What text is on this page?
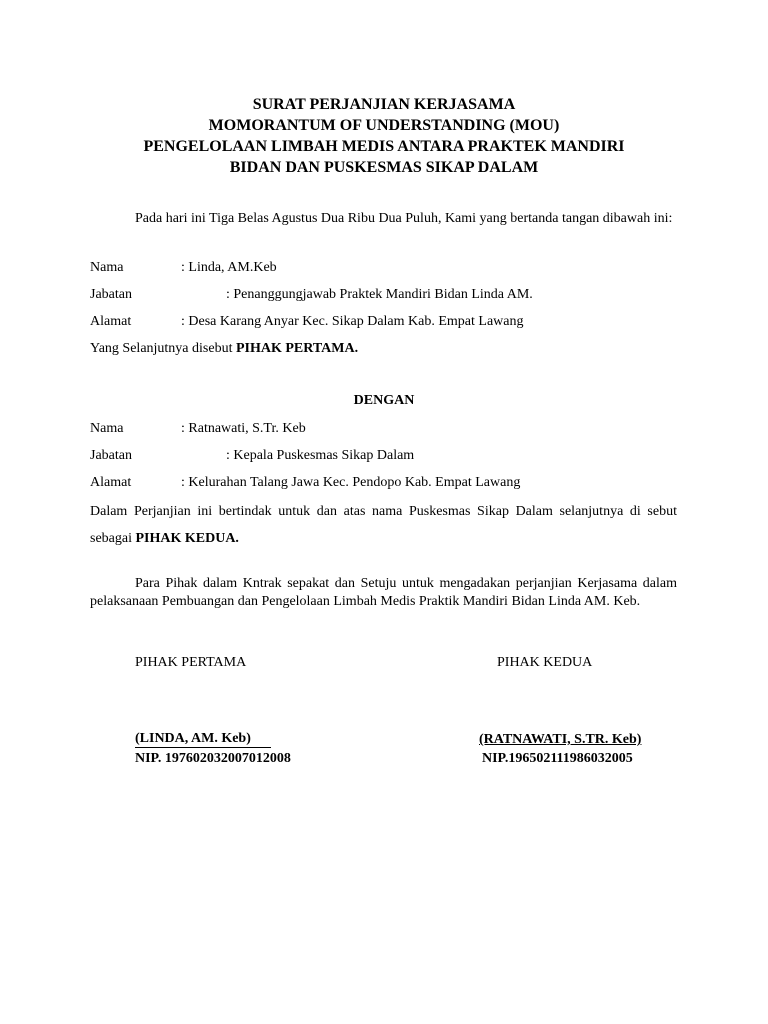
SURAT PERJANJIAN KERJASAMA
MOMORANTUM OF UNDERSTANDING (MOU)
PENGELOLAAN LIMBAH MEDIS ANTARA PRAKTEK MANDIRI
BIDAN DAN PUSKESMAS SIKAP DALAM
Pada hari ini Tiga Belas Agustus Dua Ribu Dua Puluh, Kami yang bertanda tangan dibawah ini:
Nama	: Linda, AM.Keb
Jabatan	: Penanggungjawab Praktek Mandiri Bidan Linda AM.
Alamat	: Desa Karang Anyar Kec. Sikap Dalam Kab. Empat Lawang
Yang Selanjutnya disebut PIHAK PERTAMA.
DENGAN
Nama	: Ratnawati, S.Tr. Keb
Jabatan	: Kepala Puskesmas Sikap Dalam
Alamat	: Kelurahan Talang Jawa Kec. Pendopo Kab. Empat Lawang
Dalam Perjanjian ini bertindak untuk dan atas nama Puskesmas Sikap Dalam selanjutnya di sebut sebagai PIHAK KEDUA.
Para Pihak dalam Kntrak sepakat dan Setuju untuk mengadakan perjanjian Kerjasama dalam pelaksanaan Pembuangan dan Pengelolaan Limbah Medis Praktik Mandiri Bidan Linda AM. Keb.
PIHAK PERTAMA	PIHAK KEDUA
(LINDA, AM. Keb)	(RATNAWATI, S.TR. Keb)
NIP. 197602032007012008	NIP.196502111986032005
